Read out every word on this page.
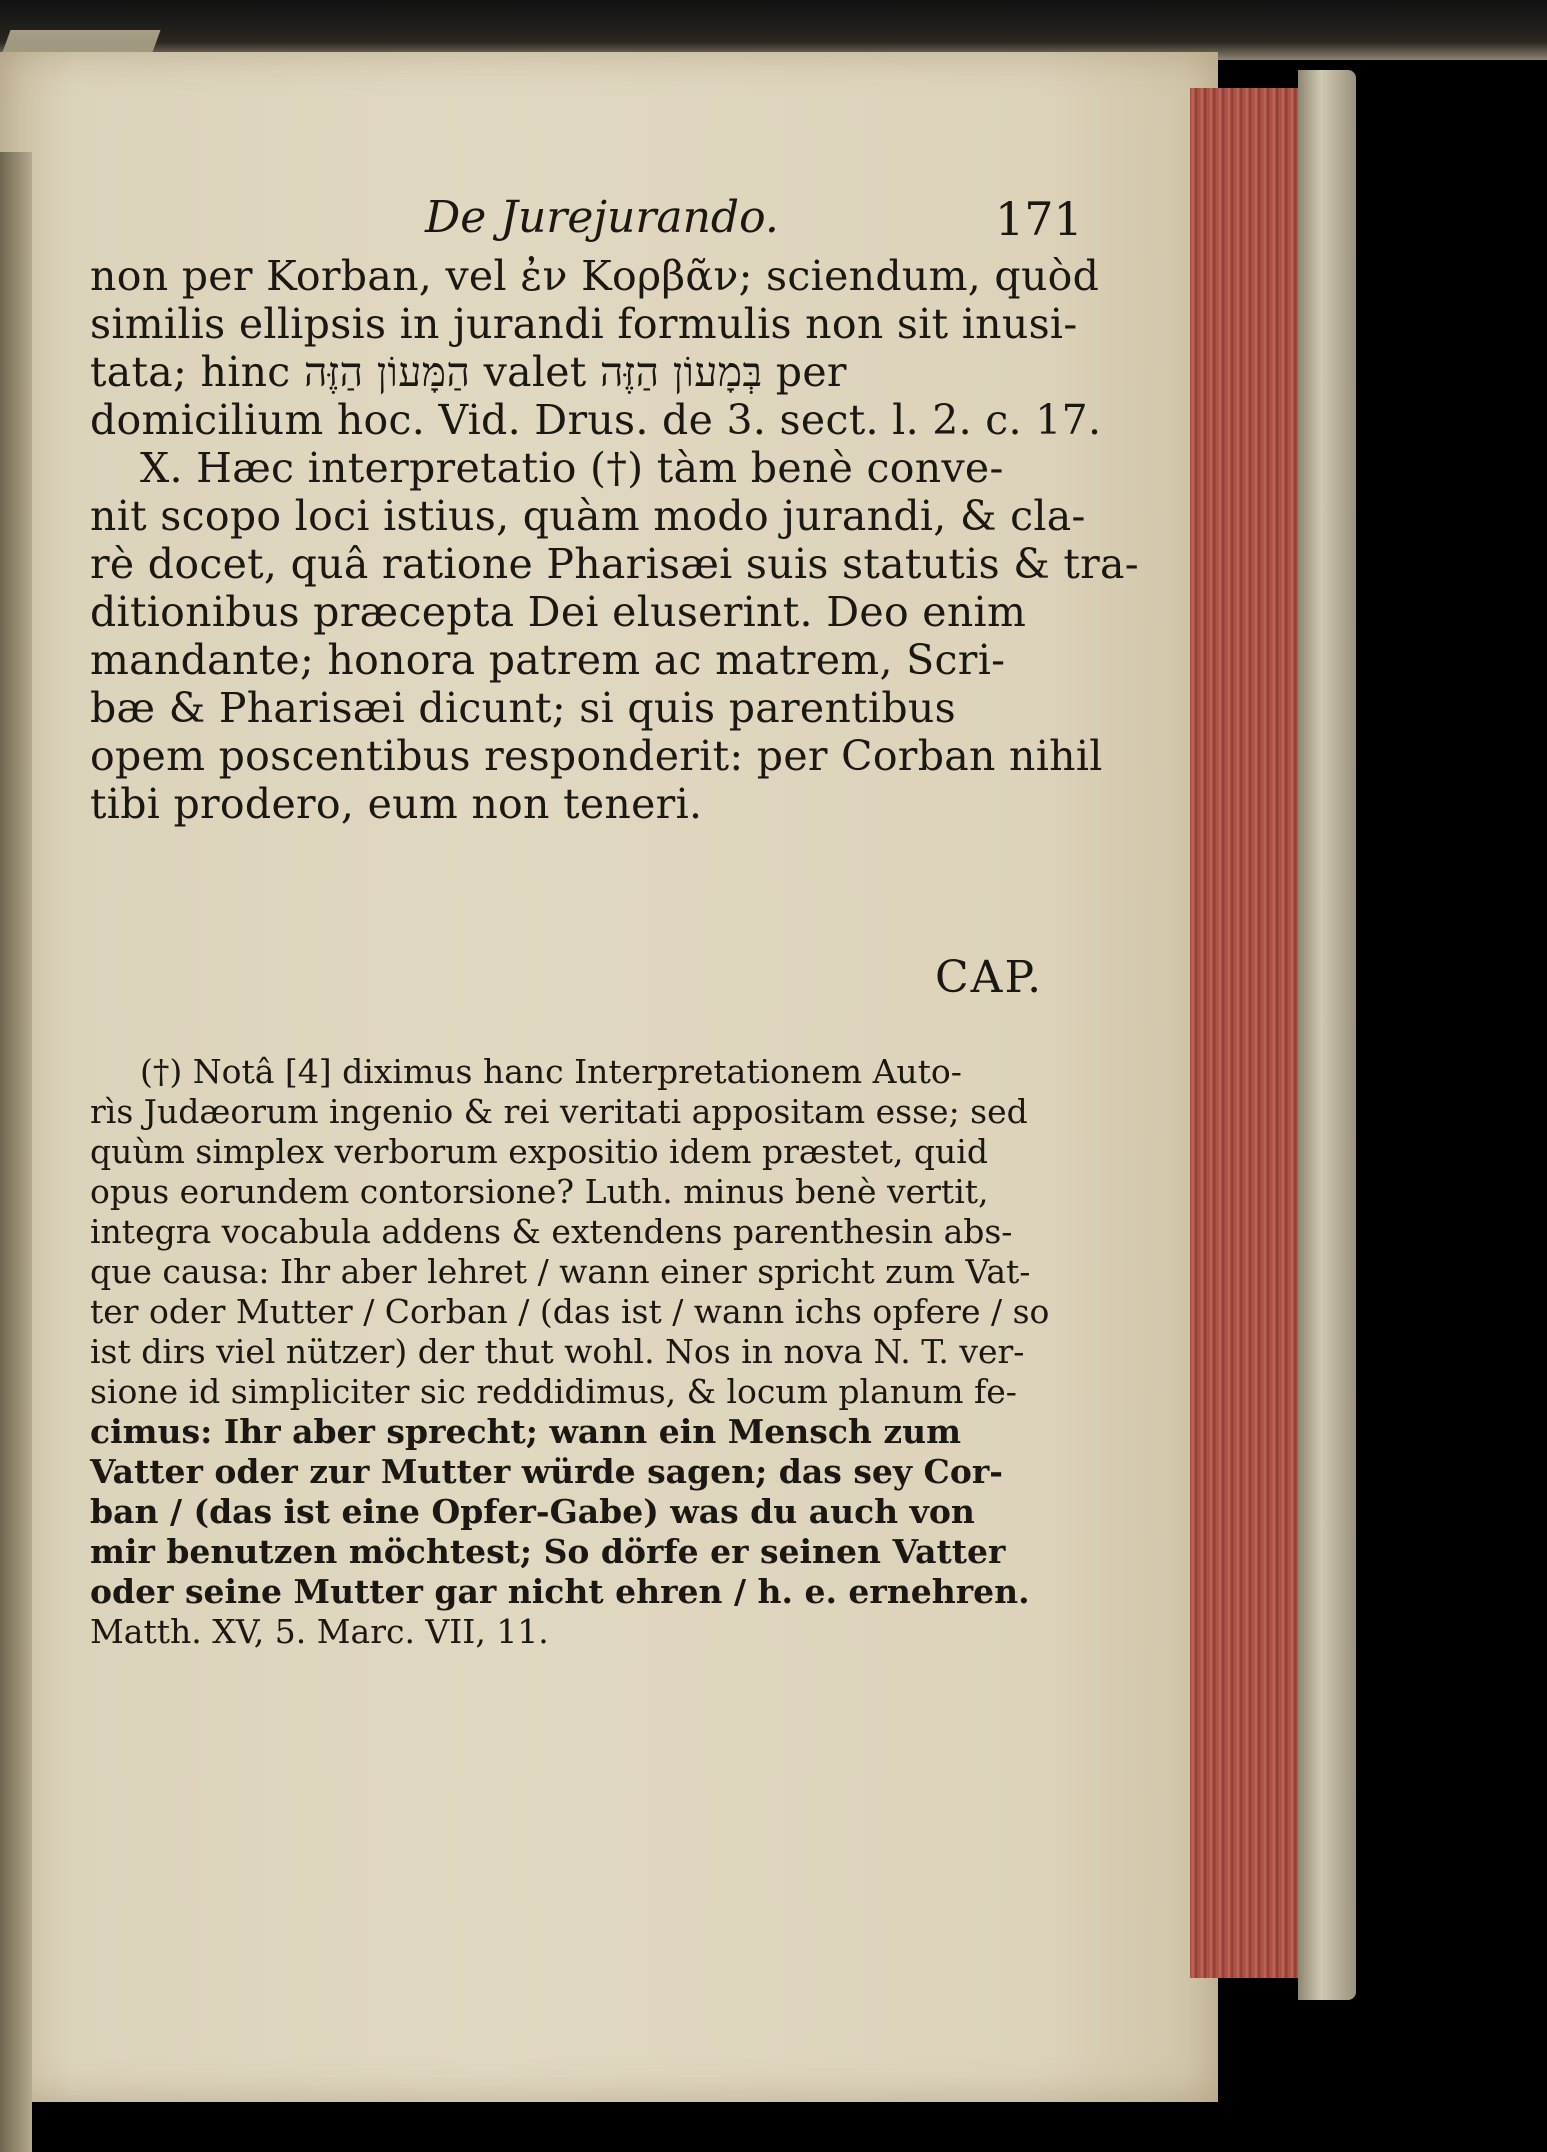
De Jurejurando.	171
non per Korban, vel ἐν Κορβᾶν; sciendum, quòd
similis ellipsis in jurandi formulis non sit inusi-
tata; hinc הַמָּעוֹן הַזֶּה valet בְּמָעוֹן הַזֶּה per
domicilium hoc. Vid. Drus. de 3. sect. l. 2. c. 17.
X. Hæc interpretatio (†) tàm benè conve-
nit scopo loci istius, quàm modo jurandi, & cla-
rè docet, quâ ratione Pharisæi suis statutis & tra-
ditionibus præcepta Dei eluserint. Deo enim
mandante; honora patrem ac matrem, Scri-
bæ & Pharisæi dicunt; si quis parentibus
opem poscentibus responderit: per Corban nihil
tibi prodero, eum non teneri.
CAP.
(†) Notâ [4] diximus hanc Interpretationem Auto-
rìs Judæorum ingenio & rei veritati appositam esse; sed
quùm simplex verborum expositio idem præstet, quid
opus eorundem contorsione? Luth. minus benè vertit,
integra vocabula addens & extendens parenthesin abs-
que causa: Ihr aber lehret / wann einer spricht zum Vat-
ter oder Mutter / Corban / (das ist / wann ichs opfere / so
ist dirs viel nützer) der thut wohl. Nos in nova N. T. ver-
sione id simpliciter sic reddidimus, & locum planum fe-
cimus: Ihr aber sprecht; wann ein Mensch zum
Vatter oder zur Mutter würde sagen; das sey Cor-
ban / (das ist eine Opfer-Gabe) was du auch von
mir benutzen möchtest; So dörfe er seinen Vatter
oder seine Mutter gar nicht ehren / h. e. ernehren.
Matth. XV, 5. Marc. VII, 11.
